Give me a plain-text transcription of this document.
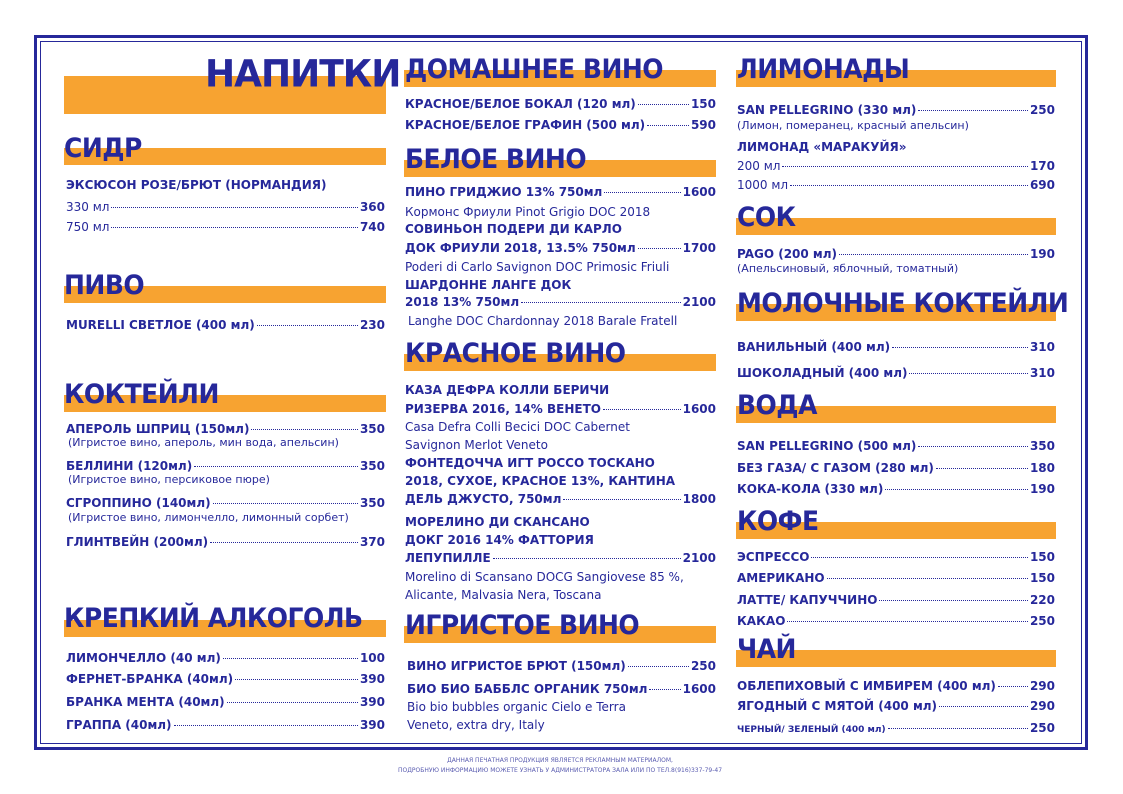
НАПИТКИ
СИДР
ЭКСЮСОН РОЗЕ/БРЮТ (НОРМАНДИЯ)
330 мл	360
750 мл	740
ПИВО
MURELLI СВЕТЛОЕ (400 мл)	230
КОКТЕЙЛИ
АПЕРОЛЬ ШПРИЦ (150мл)	350
(Игристое вино, апероль, мин вода, апельсин)
БЕЛЛИНИ (120мл)	350
(Игристое вино, персиковое пюре)
СГРОППИНО (140мл)	350
(Игристое вино, лимончелло, лимонный сорбет)
ГЛИНТВЕЙН (200мл)	370
КРЕПКИЙ АЛКОГОЛЬ
ЛИМОНЧЕЛЛО (40 мл)	100
ФЕРНЕТ-БРАНКА (40мл)	390
БРАНКА МЕНТА (40мл)	390
ГРАППА (40мл)	390
ДОМАШНЕЕ ВИНО
КРАСНОЕ/БЕЛОЕ БОКАЛ (120 мл)	150
КРАСНОЕ/БЕЛОЕ ГРАФИН (500 мл)	590
БЕЛОЕ ВИНО
ПИНО ГРИДЖИО 13% 750мл	1600
Кормонс Фриули Pinot Grigio DOC 2018
СОВИНЬОН ПОДЕРИ ДИ КАРЛО
ДОК ФРИУЛИ 2018, 13.5% 750мл	1700
Poderi di Carlo Savignon DOC Primosic Friuli
ШАРДОННЕ ЛАНГЕ ДОК
2018 13% 750мл	2100
Langhe DOC Chardonnay 2018 Barale Fratell
КРАСНОЕ ВИНО
КАЗА ДЕФРА КОЛЛИ БЕРИЧИ
РИЗЕРВА 2016, 14% ВЕНЕТО	1600
Casa Defra Colli Becici DOC Cabernet
Savignon Merlot Veneto
ФОНТЕДОЧЧА ИГТ РОССО ТОСКАНО
2018, СУХОЕ, КРАСНОЕ 13%, КАНТИНА
ДЕЛЬ ДЖУСТО, 750мл	1800
МОРЕЛИНО ДИ СКАНСАНО
ДОКГ 2016 14% ФАТТОРИЯ
ЛЕПУПИЛЛЕ	2100
Morelino di Scansano DOCG Sangiovese 85 %,
Alicante, Malvasia Nera, Toscana
ИГРИСТОЕ ВИНО
ВИНО ИГРИСТОЕ БРЮТ (150мл)	250
БИО БИО БАББЛС ОРГАНИК 750мл	1600
Bio bio bubbles organic Cielo e Terra
Veneto, extra dry, Italy
ЛИМОНАДЫ
SAN PELLEGRINO (330 мл)	250
(Лимон, померанец, красный апельсин)
ЛИМОНАД «МАРАКУЙЯ»
200 мл	170
1000 мл	690
СОК
PAGO (200 мл)	190
(Апельсиновый, яблочный, томатный)
МОЛОЧНЫЕ КОКТЕЙЛИ
ВАНИЛЬНЫЙ (400 мл)	310
ШОКОЛАДНЫЙ (400 мл)	310
ВОДА
SAN PELLEGRINO (500 мл)	350
БЕЗ ГАЗА/ С ГАЗОМ (280 мл)	180
КОКА-КОЛА (330 мл)	190
КОФЕ
ЭСПРЕССО	150
АМЕРИКАНО	150
ЛАТТЕ/ КАПУЧЧИНО	220
КАКАО	250
ЧАЙ
ОБЛЕПИХОВЫЙ С ИМБИРЕМ (400 мл)	290
ЯГОДНЫЙ С МЯТОЙ (400 мл)	290
ЧЕРНЫЙ/ ЗЕЛЕНЫЙ (400 мл)	250
ДАННАЯ ПЕЧАТНАЯ ПРОДУКЦИЯ ЯВЛЯЕТСЯ РЕКЛАМНЫМ МАТЕРИАЛОМ,
ПОДРОБНУЮ ИНФОРМАЦИЮ МОЖЕТЕ УЗНАТЬ У АДМИНИСТРАТОРА ЗАЛА ИЛИ ПО ТЕЛ.8(916)337-79-47
